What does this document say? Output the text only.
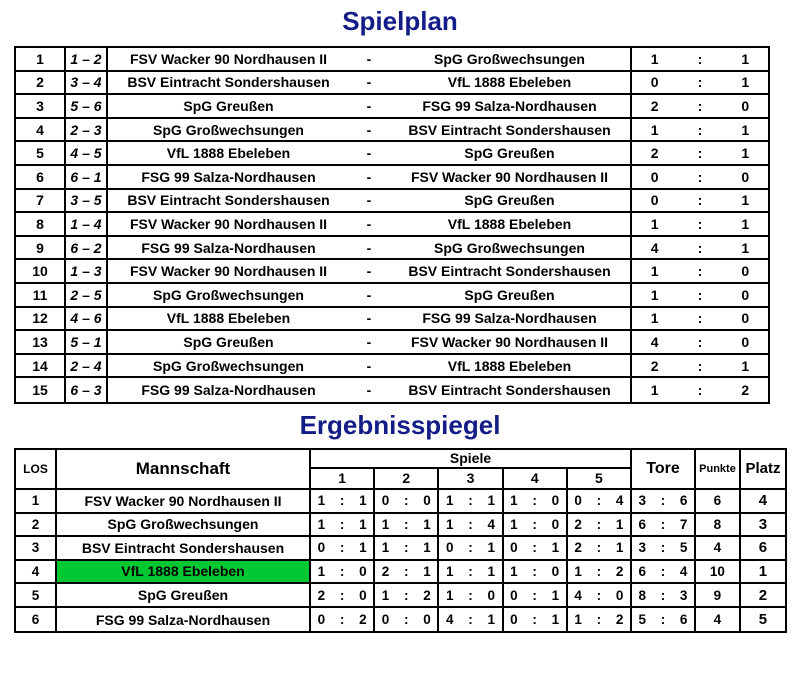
Spielplan
1	1 – 2	FSV Wacker 90 Nordhausen II	-	SpG Großwechsungen	1	:	1
2	3 – 4	BSV Eintracht Sondershausen	-	VfL 1888 Ebeleben	0	:	1
3	5 – 6	SpG Greußen	-	FSG 99 Salza-Nordhausen	2	:	0
4	2 – 3	SpG Großwechsungen	-	BSV Eintracht Sondershausen	1	:	1
5	4 – 5	VfL 1888 Ebeleben	-	SpG Greußen	2	:	1
6	6 – 1	FSG 99 Salza-Nordhausen	-	FSV Wacker 90 Nordhausen II	0	:	0
7	3 – 5	BSV Eintracht Sondershausen	-	SpG Greußen	0	:	1
8	1 – 4	FSV Wacker 90 Nordhausen II	-	VfL 1888 Ebeleben	1	:	1
9	6 – 2	FSG 99 Salza-Nordhausen	-	SpG Großwechsungen	4	:	1
10	1 – 3	FSV Wacker 90 Nordhausen II	-	BSV Eintracht Sondershausen	1	:	0
11	2 – 5	SpG Großwechsungen	-	SpG Greußen	1	:	0
12	4 – 6	VfL 1888 Ebeleben	-	FSG 99 Salza-Nordhausen	1	:	0
13	5 – 1	SpG Greußen	-	FSV Wacker 90 Nordhausen II	4	:	0
14	2 – 4	SpG Großwechsungen	-	VfL 1888 Ebeleben	2	:	1
15	6 – 3	FSG 99 Salza-Nordhausen	-	BSV Eintracht Sondershausen	1	:	2
Ergebnisspiegel
LOS	Mannschaft
Spiele
1	2	3	4	5
Tore	Punkte Platz
1	FSV Wacker 90 Nordhausen II	1	:	1	0	:	0	1	:	1	1	:	0	0	:	4	3	:	6	6	4
2	SpG Großwechsungen	1	:	1	1	:	1	1	:	4	1	:	0	2	:	1	6	:	7	8	3
3	BSV Eintracht Sondershausen	0	:	1	1	:	1	0	:	1	0	:	1	2	:	1	3	:	5	4	6
4	VfL 1888 Ebeleben	1	:	0	2	:	1	1	:	1	1	:	0	1	:	2	6	:	4	10	1
5	SpG Greußen	2	:	0	1	:	2	1	:	0	0	:	1	4	:	0	8	:	3	9	2
6	FSG 99 Salza-Nordhausen	0	:	2	0	:	0	4	:	1	0	:	1	1	:	2	5	:	6	4	5
